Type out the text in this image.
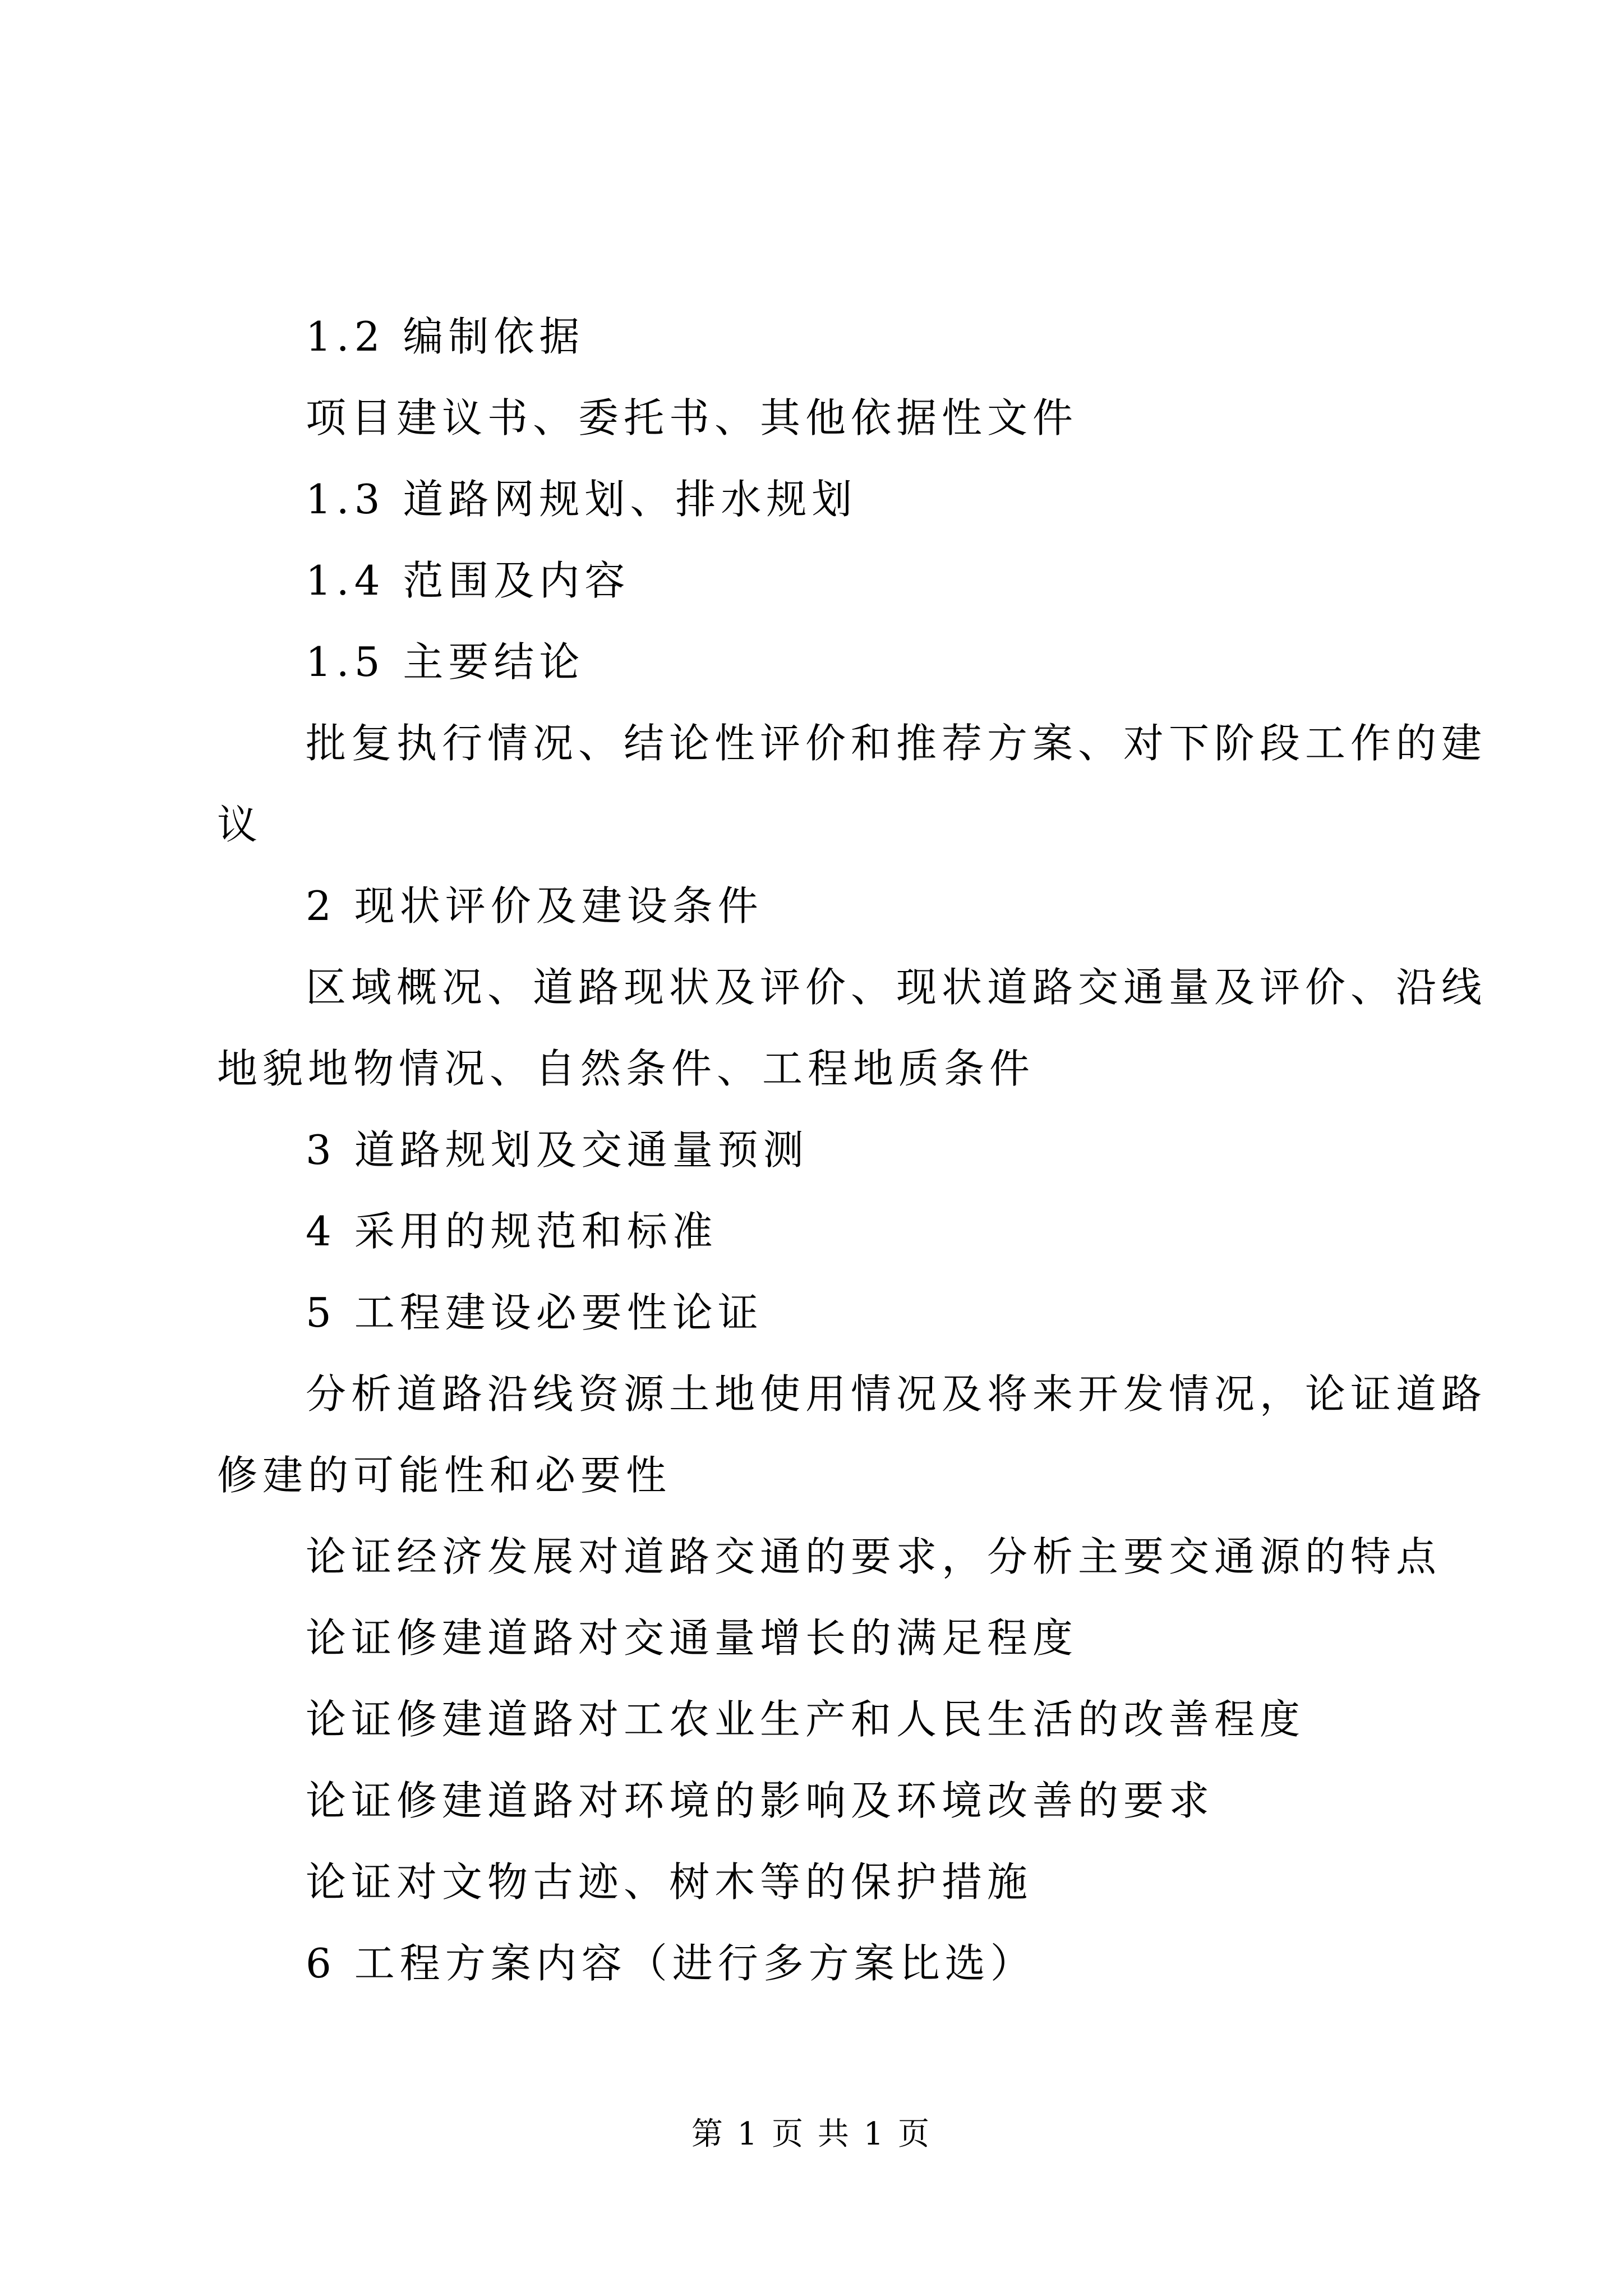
1.2 编制依据
项目建议书、委托书、其他依据性文件
1.3 道路网规划、排水规划
1.4 范围及内容
1.5 主要结论
批复执行情况、结论性评价和推荐方案、对下阶段工作的建
议
2 现状评价及建设条件
区域概况、道路现状及评价、现状道路交通量及评价、沿线
地貌地物情况、自然条件、工程地质条件
3 道路规划及交通量预测
4 采用的规范和标准
5 工程建设必要性论证
分析道路沿线资源土地使用情况及将来开发情况，论证道路
修建的可能性和必要性
论证经济发展对道路交通的要求，分析主要交通源的特点
论证修建道路对交通量增长的满足程度
论证修建道路对工农业生产和人民生活的改善程度
论证修建道路对环境的影响及环境改善的要求
论证对文物古迹、树木等的保护措施
6 工程方案内容（进行多方案比选）
第 1 页 共 1 页
